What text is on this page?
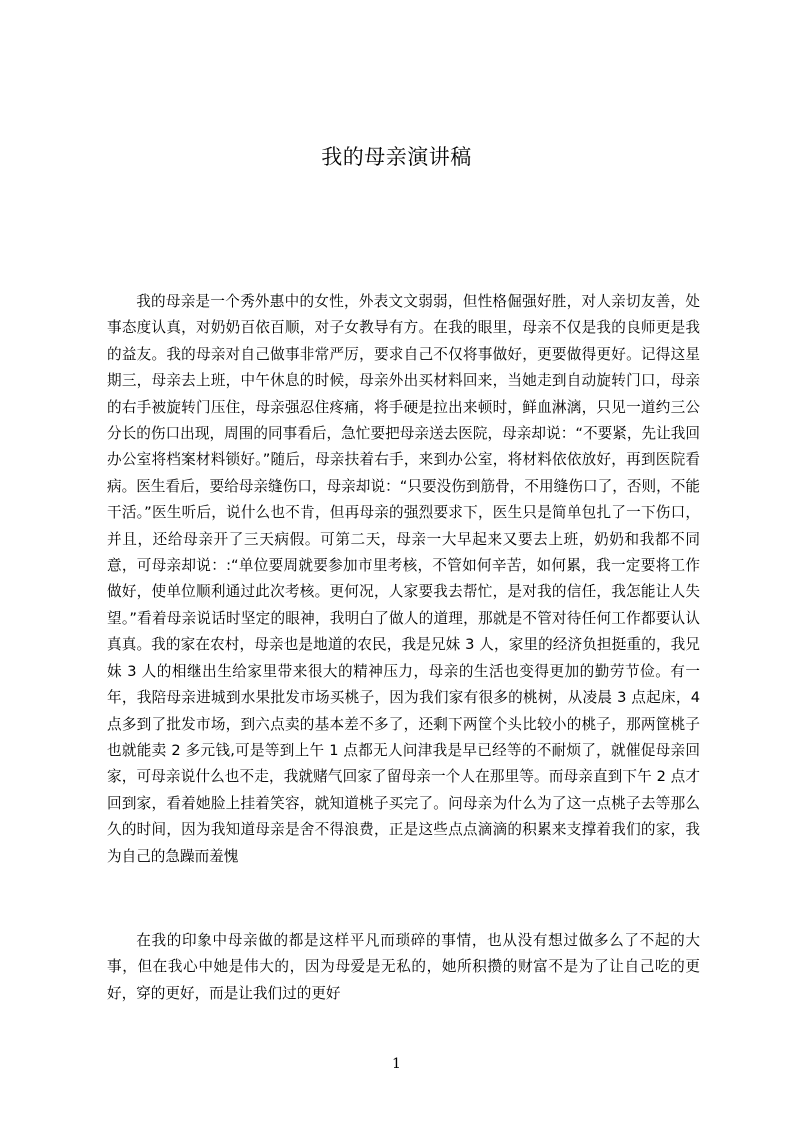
我的母亲演讲稿

我的母亲是一个秀外惠中的女性，外表文文弱弱，但性格倔强好胜，对人亲切友善，处事态度认真，对奶奶百依百顺，对子女教导有方。在我的眼里，母亲不仅是我的良师更是我的益友。我的母亲对自己做事非常严厉，要求自己不仅将事做好，更要做得更好。记得这星期三，母亲去上班，中午休息的时候，母亲外出买材料回来，当她走到自动旋转门口，母亲的右手被旋转门压住，母亲强忍住疼痛，将手硬是拉出来顿时，鲜血淋漓，只见一道约三公分长的伤口出现，周围的同事看后，急忙要把母亲送去医院，母亲却说：“不要紧，先让我回办公室将档案材料锁好。”随后，母亲扶着右手，来到办公室，将材料依依放好，再到医院看病。医生看后，要给母亲缝伤口，母亲却说：“只要没伤到筋骨，不用缝伤口了，否则，不能干活。”医生听后，说什么也不肯，但再母亲的强烈要求下，医生只是简单包扎了一下伤口，并且，还给母亲开了三天病假。可第二天，母亲一大早起来又要去上班，奶奶和我都不同意，可母亲却说：:“单位要周就要参加市里考核，不管如何辛苦，如何累，我一定要将工作做好，使单位顺利通过此次考核。更何况，人家要我去帮忙，是对我的信任，我怎能让人失望。”看着母亲说话时坚定的眼神，我明白了做人的道理，那就是不管对待任何工作都要认认真真。我的家在农村，母亲也是地道的农民，我是兄妹 3 人，家里的经济负担挺重的，我兄妹 3 人的相继出生给家里带来很大的精神压力，母亲的生活也变得更加的勤劳节俭。有一年，我陪母亲进城到水果批发市场买桃子，因为我们家有很多的桃树，从凌晨 3 点起床，4 点多到了批发市场，到六点卖的基本差不多了，还剩下两筐个头比较小的桃子，那两筐桃子也就能卖 2 多元钱,可是等到上午 1 点都无人问津我是早已经等的不耐烦了，就催促母亲回家，可母亲说什么也不走，我就赌气回家了留母亲一个人在那里等。而母亲直到下午 2 点才回到家，看着她脸上挂着笑容，就知道桃子买完了。问母亲为什么为了这一点桃子去等那么久的时间，因为我知道母亲是舍不得浪费，正是这些点点滴滴的积累来支撑着我们的家，我为自己的急躁而羞愧

在我的印象中母亲做的都是这样平凡而琐碎的事情，也从没有想过做多么了不起的大事，但在我心中她是伟大的，因为母爱是无私的，她所积攒的财富不是为了让自己吃的更好，穿的更好，而是让我们过的更好

1
